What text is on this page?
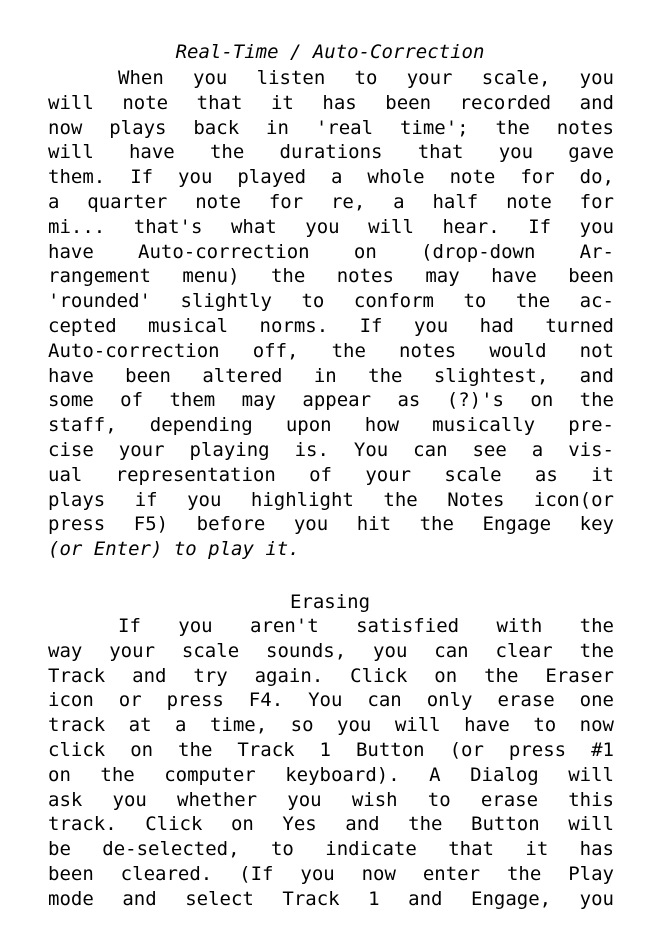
Real-Time / Auto-Correction
When you listen to your scale, you
will note that it has been recorded and
now plays back in 'real time'; the notes
will have the durations that you gave
them. If you played a whole note for do,
a quarter note for re, a half note for
mi... that's what you will hear. If you
have Auto-correction on (drop-down Ar-
rangement menu) the notes may have been
'rounded' slightly to conform to the ac-
cepted musical norms. If you had turned
Auto-correction off, the notes would not
have been altered in the slightest, and
some of them may appear as (?)'s on the
staff, depending upon how musically pre-
cise your playing is. You can see a vis-
ual representation of your scale as it
plays if you highlight the Notes icon(or
press F5) before you hit the Engage key
(or Enter) to play it.
Erasing
If you aren't satisfied with the
way your scale sounds, you can clear the
Track and try again. Click on the Eraser
icon or press F4. You can only erase one
track at a time, so you will have to now
click on the Track 1 Button (or press #1
on the computer keyboard). A Dialog will
ask you whether you wish to erase this
track. Click on Yes and the Button will
be de-selected, to indicate that it has
been cleared. (If you now enter the Play
mode and select Track 1 and Engage, you
